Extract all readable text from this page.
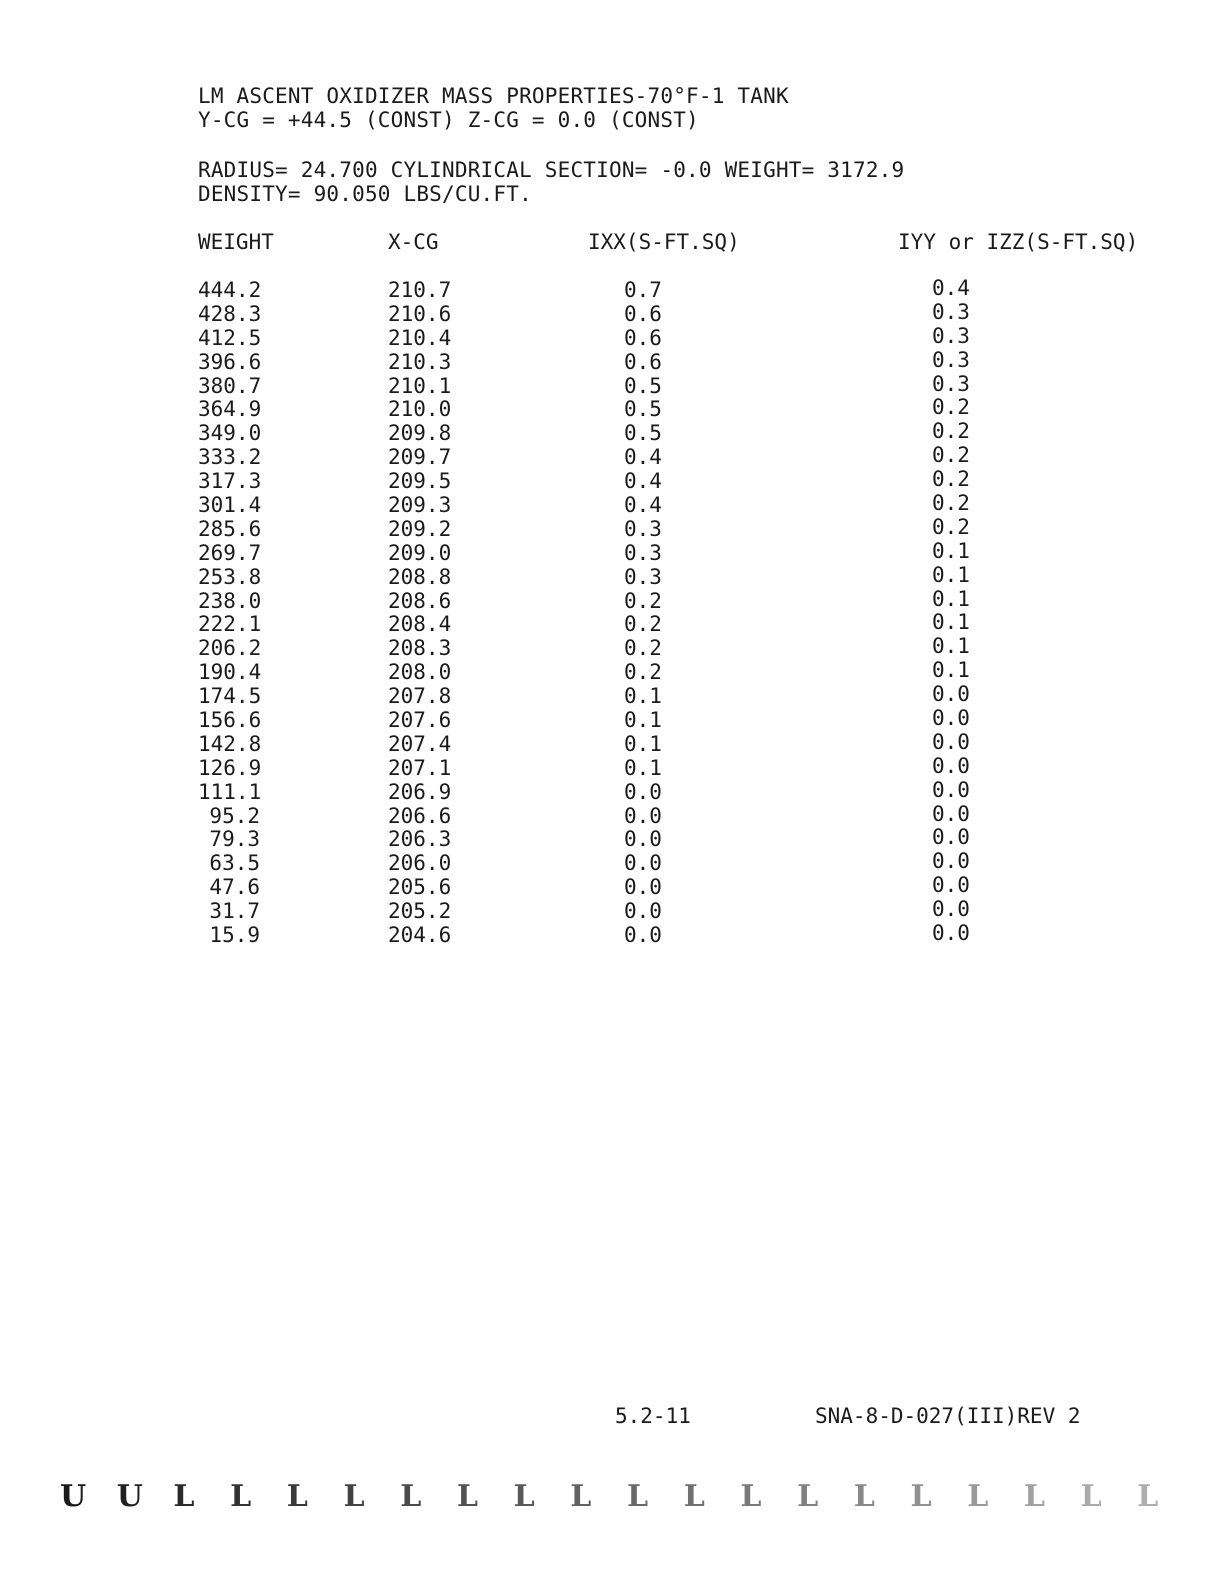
LM ASCENT OXIDIZER MASS PROPERTIES-70°F-1 TANK
Y-CG = +44.5 (CONST) Z-CG = 0.0 (CONST)
RADIUS= 24.700 CYLINDRICAL SECTION= -0.0 WEIGHT= 3172.9
DENSITY= 90.050 LBS/CU.FT.
WEIGHT	X-CG	IXX(S-FT.SQ)	IYY or IZZ(S-FT.SQ)
444.2	210.7	0.7	0.4
428.3	210.6	0.6	0.3
412.5	210.4	0.6	0.3
396.6	210.3	0.6	0.3
380.7	210.1	0.5	0.3
364.9	210.0	0.5	0.2
349.0	209.8	0.5	0.2
333.2	209.7	0.4	0.2
317.3	209.5	0.4	0.2
301.4	209.3	0.4	0.2
285.6	209.2	0.3	0.2
269.7	209.0	0.3	0.1
253.8	208.8	0.3	0.1
238.0	208.6	0.2	0.1
222.1	208.4	0.2	0.1
206.2	208.3	0.2	0.1
190.4	208.0	0.2	0.1
174.5	207.8	0.1	0.0
156.6	207.6	0.1	0.0
142.8	207.4	0.1	0.0
126.9	207.1	0.1	0.0
111.1	206.9	0.0	0.0
95.2	206.6	0.0	0.0
79.3	206.3	0.0	0.0
63.5	206.0	0.0	0.0
47.6	205.6	0.0	0.0
31.7	205.2	0.0	0.0
15.9	204.6	0.0	0.0
5.2-11	SNA-8-D-027(III)REV 2
U U L L L L L L L L L L L L L L L L L L
